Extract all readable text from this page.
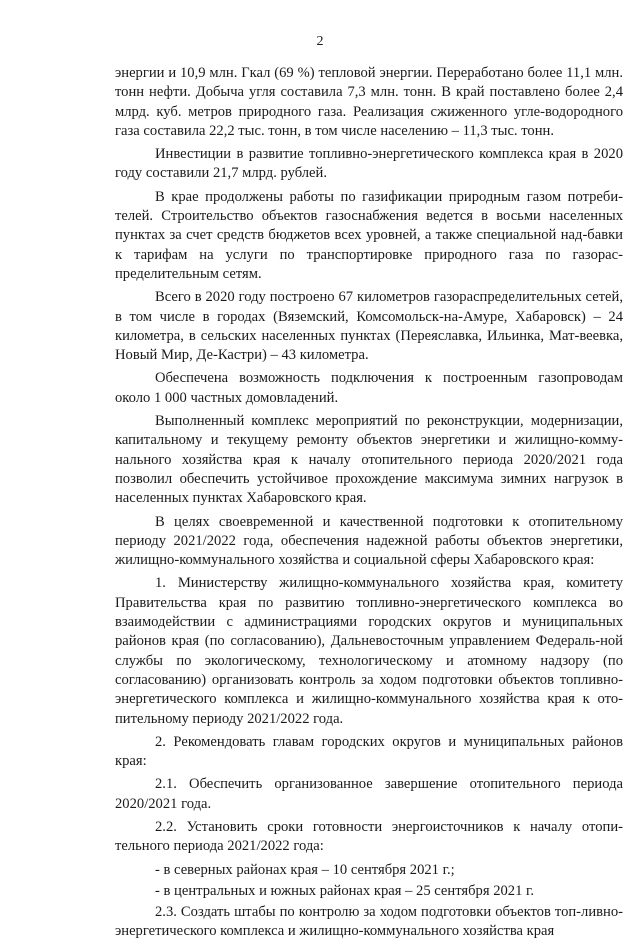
2

энергии и 10,9 млн. Гкал (69 %) тепловой энергии. Переработано более 11,1 млн. тонн нефти. Добыча угля составила 7,3 млн. тонн. В край поставлено более 2,4 млрд. куб. метров природного газа. Реализация сжиженного угле-водородного газа составила 22,2 тыс. тонн, в том числе населению – 11,3 тыс. тонн.

Инвестиции в развитие топливно-энергетического комплекса края в 2020 году составили 21,7 млрд. рублей.

В крае продолжены работы по газификации природным газом потреби-телей. Строительство объектов газоснабжения ведется в восьми населенных пунктах за счет средств бюджетов всех уровней, а также специальной над-бавки к тарифам на услуги по транспортировке природного газа по газорас-пределительным сетям.

Всего в 2020 году построено 67 километров газораспределительных сетей, в том числе в городах (Вяземский, Комсомольск-на-Амуре, Хабаровск) – 24 километра, в сельских населенных пунктах (Переяславка, Ильинка, Мат-веевка, Новый Мир, Де-Кастри) – 43 километра.

Обеспечена возможность подключения к построенным газопроводам около 1 000 частных домовладений.

Выполненный комплекс мероприятий по реконструкции, модернизации, капитальному и текущему ремонту объектов энергетики и жилищно-комму-нального хозяйства края к началу отопительного периода 2020/2021 года позволил обеспечить устойчивое прохождение максимума зимних нагрузок в населенных пунктах Хабаровского края.

В целях своевременной и качественной подготовки к отопительному периоду 2021/2022 года, обеспечения надежной работы объектов энергетики, жилищно-коммунального хозяйства и социальной сферы Хабаровского края:

1. Министерству жилищно-коммунального хозяйства края, комитету Правительства края по развитию топливно-энергетического комплекса во взаимодействии с администрациями городских округов и муниципальных районов края (по согласованию), Дальневосточным управлением Федераль-ной службы по экологическому, технологическому и атомному надзору (по согласованию) организовать контроль за ходом подготовки объектов топливно-энергетического комплекса и жилищно-коммунального хозяйства края к ото-пительному периоду 2021/2022 года.

2. Рекомендовать главам городских округов и муниципальных районов края:

2.1. Обеспечить организованное завершение отопительного периода 2020/2021 года.

2.2. Установить сроки готовности энергоисточников к началу отопи-тельного периода 2021/2022 года:

- в северных районах края – 10 сентября 2021 г.;

- в центральных и южных районах края – 25 сентября 2021 г.

2.3. Создать штабы по контролю за ходом подготовки объектов топ-ливно-энергетического комплекса и жилищно-коммунального хозяйства края
